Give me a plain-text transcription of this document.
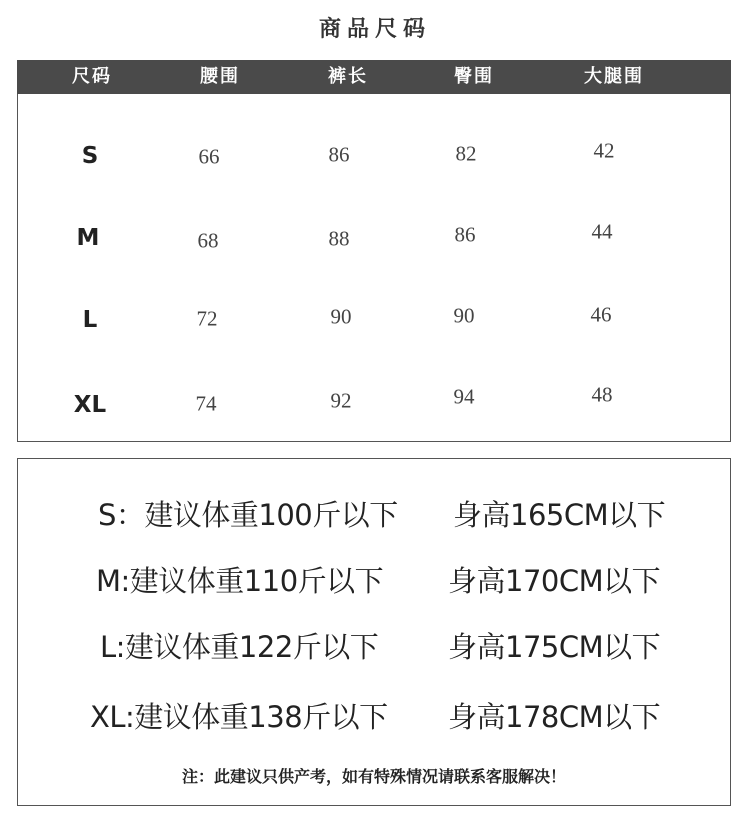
商品尺码
尺码	腰围	裤长	臀围	大腿围
S	66	86	82	42
M	68	88	86	44
L	72	90	90	46
XL	74	92	94	48
S：建议体重100斤以下 身高165CM以下
M:建议体重110斤以下 身高170CM以下
L:建议体重122斤以下 身高175CM以下
XL:建议体重138斤以下 身高178CM以下
注：此建议只供产考，如有特殊情况请联系客服解决！
